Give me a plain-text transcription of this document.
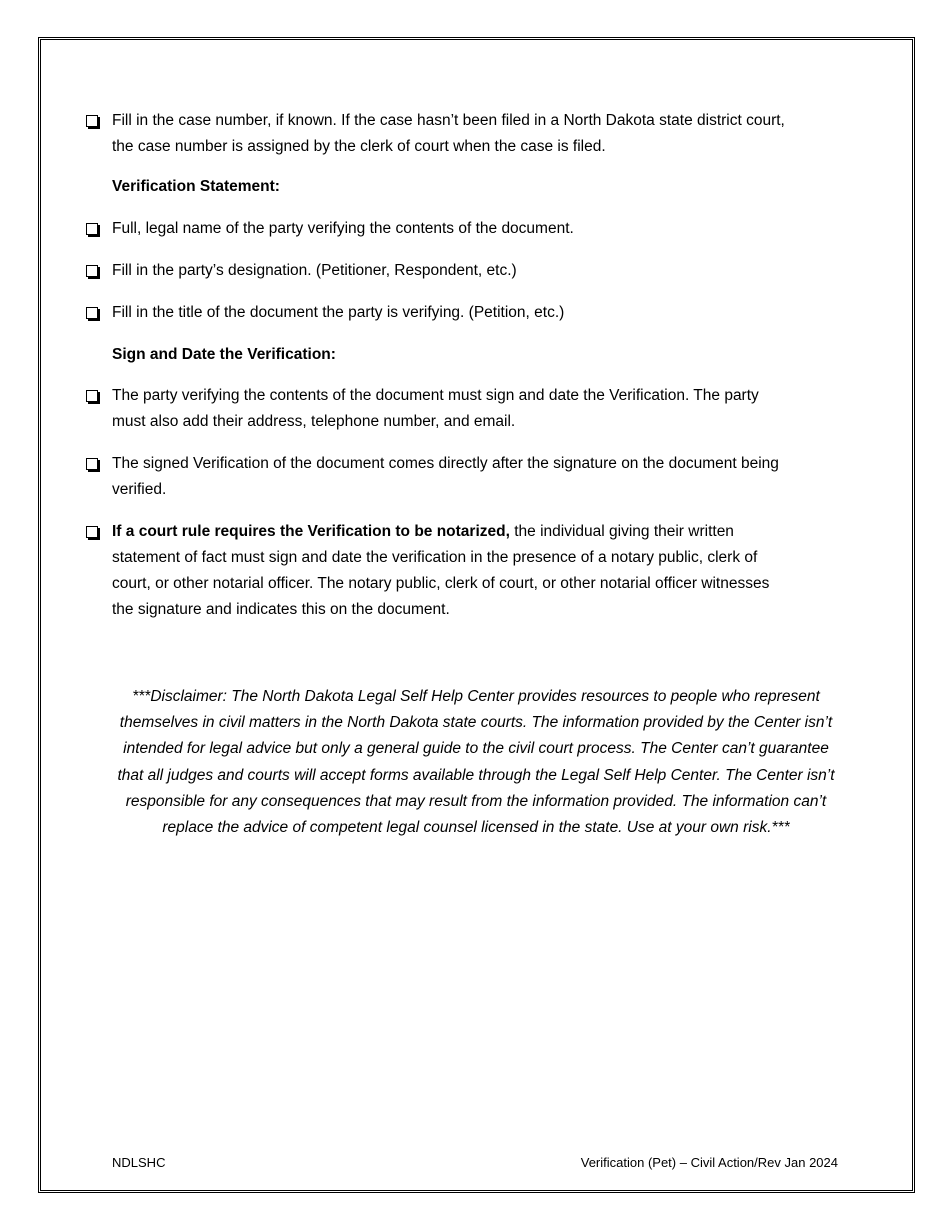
Fill in the case number, if known. If the case hasn’t been filed in a North Dakota state district court, the case number is assigned by the clerk of court when the case is filed.
Verification Statement:
Full, legal name of the party verifying the contents of the document.
Fill in the party’s designation. (Petitioner, Respondent, etc.)
Fill in the title of the document the party is verifying. (Petition, etc.)
Sign and Date the Verification:
The party verifying the contents of the document must sign and date the Verification. The party must also add their address, telephone number, and email.
The signed Verification of the document comes directly after the signature on the document being verified.
If a court rule requires the Verification to be notarized, the individual giving their written statement of fact must sign and date the verification in the presence of a notary public, clerk of court, or other notarial officer. The notary public, clerk of court, or other notarial officer witnesses the signature and indicates this on the document.
***Disclaimer: The North Dakota Legal Self Help Center provides resources to people who represent themselves in civil matters in the North Dakota state courts. The information provided by the Center isn’t intended for legal advice but only a general guide to the civil court process. The Center can’t guarantee that all judges and courts will accept forms available through the Legal Self Help Center. The Center isn’t responsible for any consequences that may result from the information provided. The information can’t replace the advice of competent legal counsel licensed in the state. Use at your own risk.***
NDLSHC	Verification (Pet) – Civil Action/Rev Jan 2024
